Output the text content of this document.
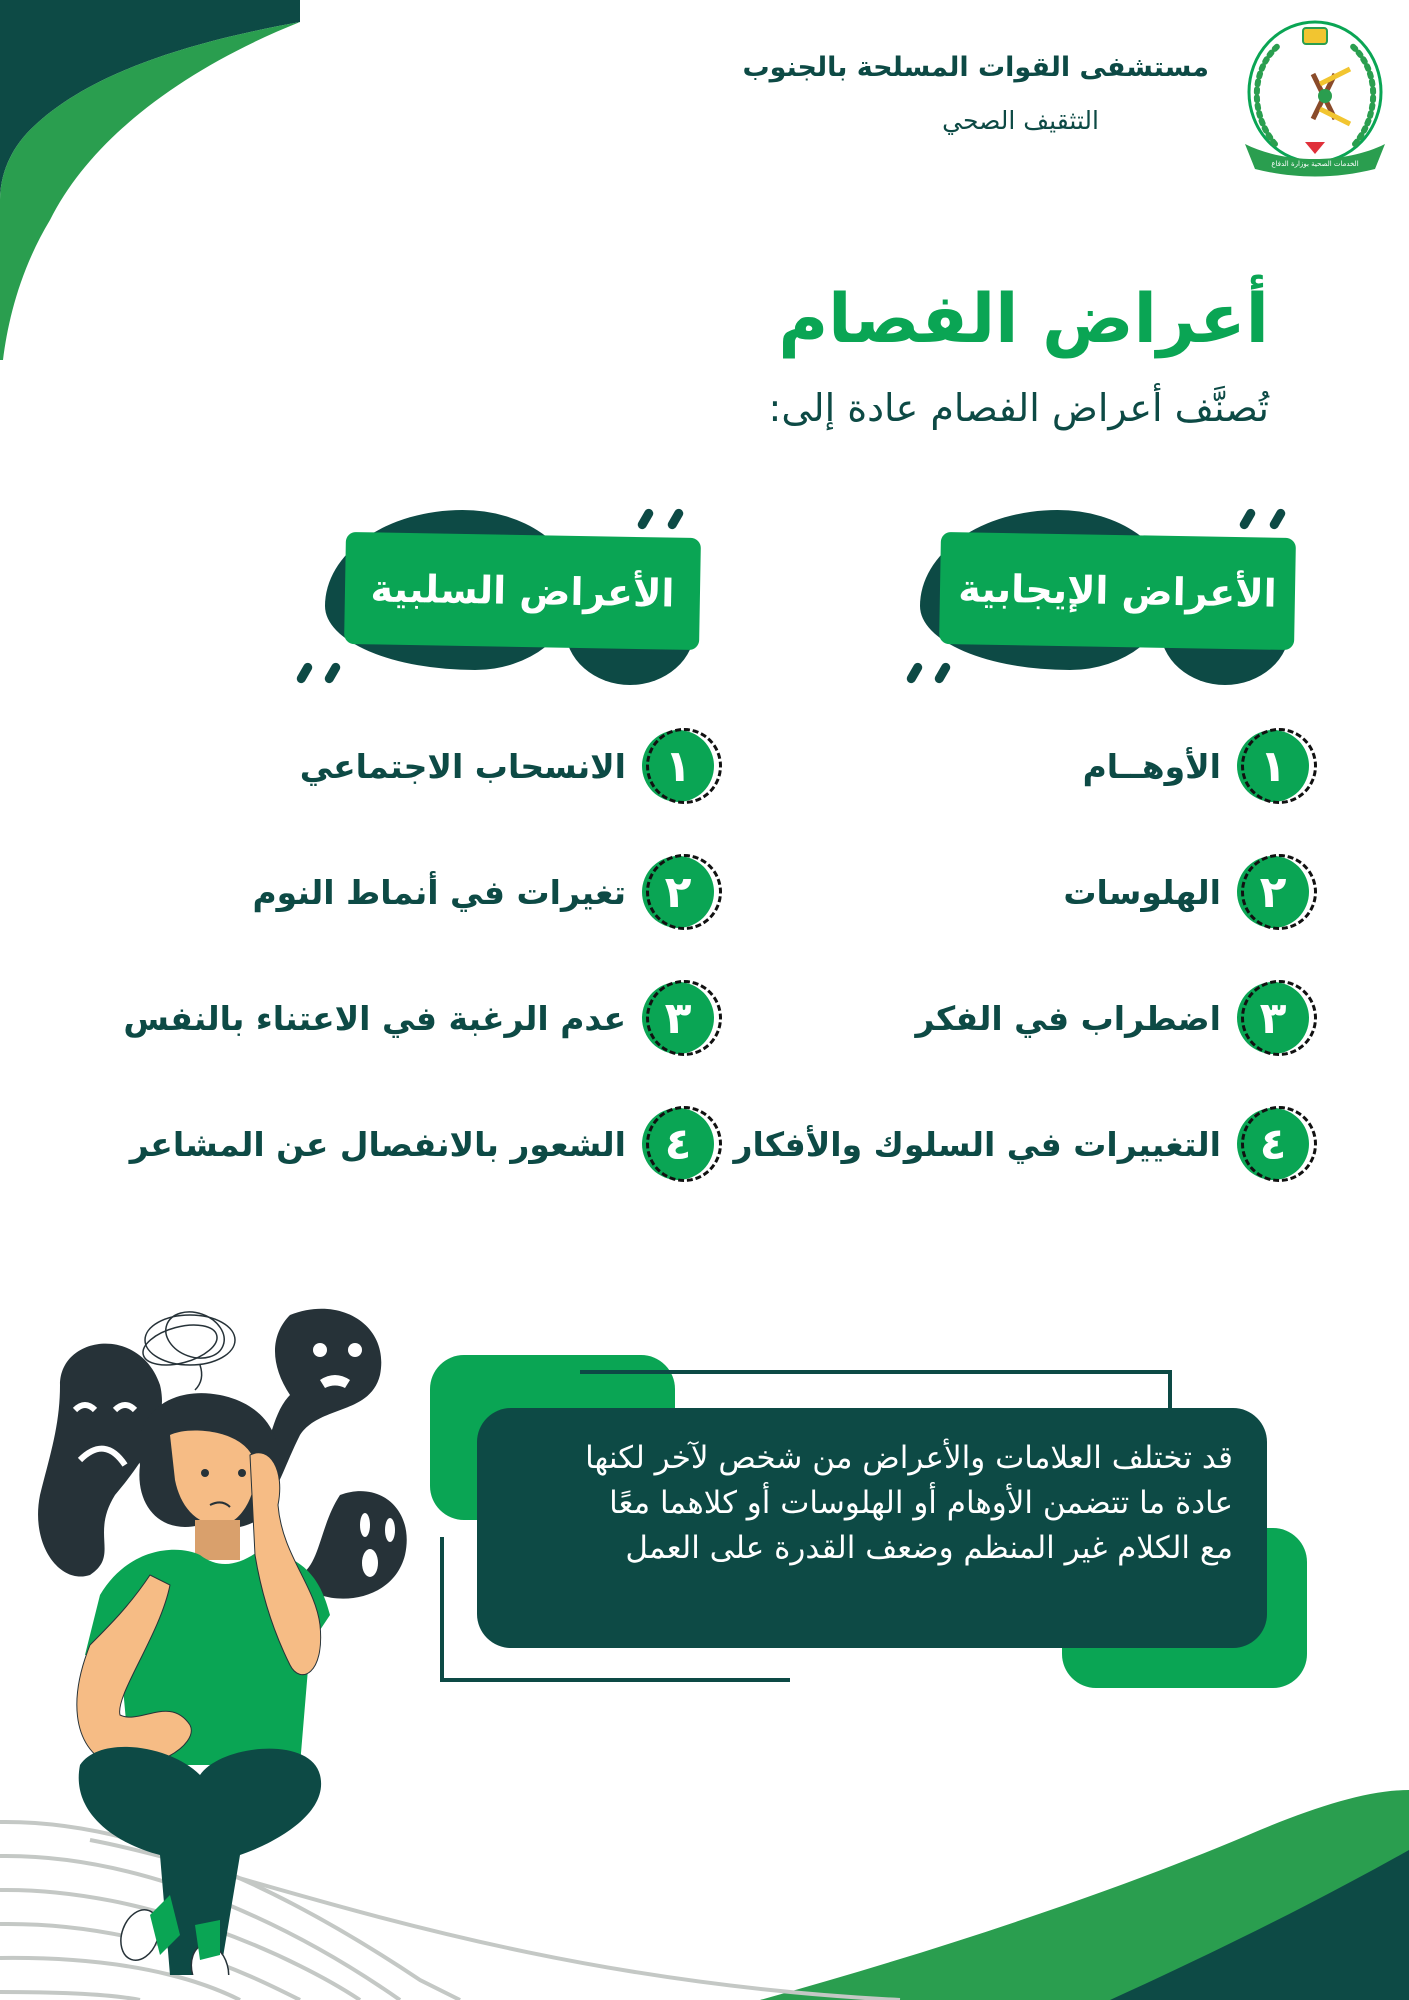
مستشفى القوات المسلحة بالجنوب
التثقيف الصحي
الخدمات الصحية بوزارة الدفاع
أعراض الفصام
تُصنَّف أعراض الفصام عادة إلى:
الأعراض الإيجابية
الأعراض السلبية
١
الأوهــام
٢
الهلوسات
٣
اضطراب في الفكر
٤
التغييرات في السلوك والأفكار
١
الانسحاب الاجتماعي
٢
تغيرات في أنماط النوم
٣
عدم الرغبة في الاعتناء بالنفس
٤
الشعور بالانفصال عن المشاعر
قد تختلف العلامات والأعراض من شخص لآخر لكنها
عادة ما تتضمن الأوهام أو الهلوسات أو كلاهما معًا
مع الكلام غير المنظم وضعف القدرة على العمل
